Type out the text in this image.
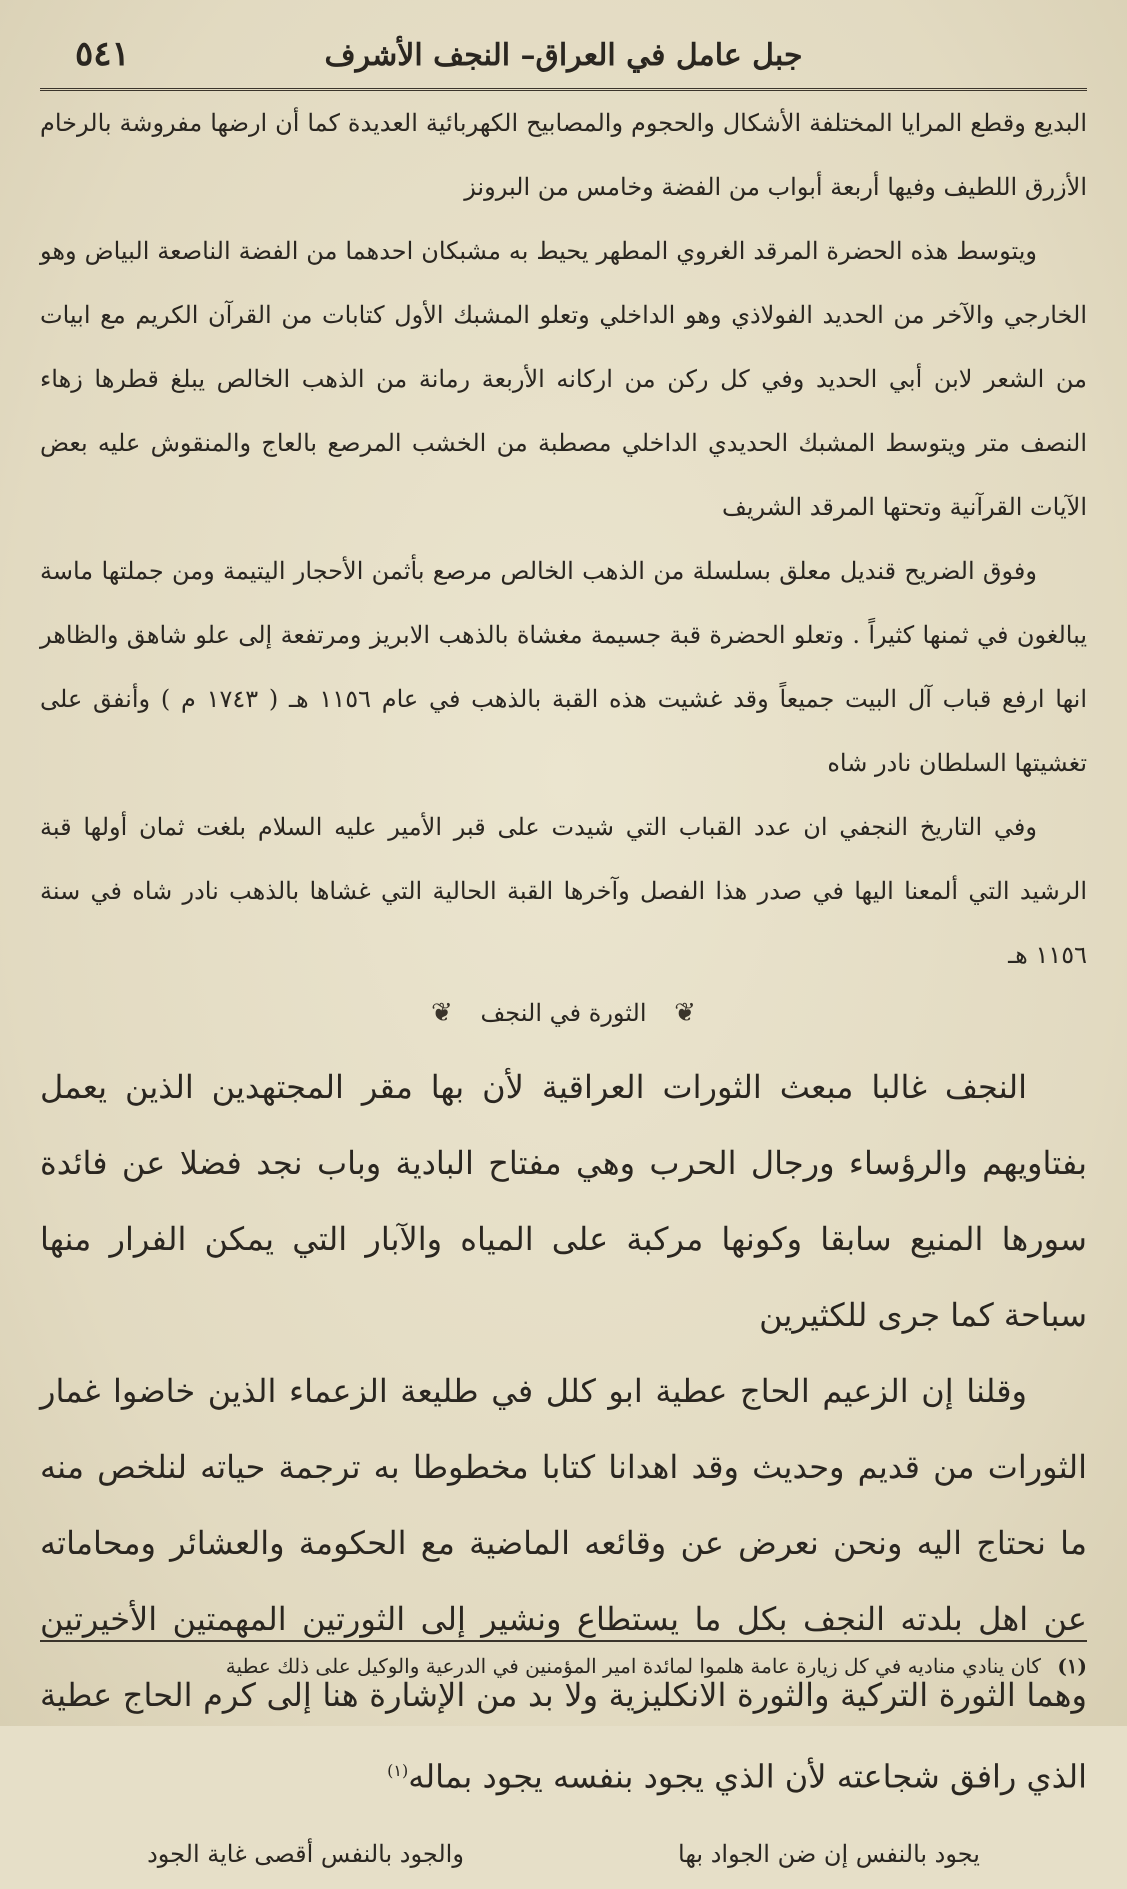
٥٤١	جبل عامل في العراق– النجف الأشرف

البديع وقطع المرايا المختلفة الأشكال والحجوم والمصابيح الكهربائية العديدة كما أن ارضها مفروشة بالرخام الأزرق اللطيف وفيها أربعة أبواب من الفضة وخامس من البرونز

ويتوسط هذه الحضرة المرقد الغروي المطهر يحيط به مشبكان احدهما من الفضة الناصعة البياض وهو الخارجي والآخر من الحديد الفولاذي وهو الداخلي وتعلو المشبك الأول كتابات من القرآن الكريم مع ابيات من الشعر لابن أبي الحديد وفي كل ركن من اركانه الأربعة رمانة من الذهب الخالص يبلغ قطرها زهاء النصف متر ويتوسط المشبك الحديدي الداخلي مصطبة من الخشب المرصع بالعاج والمنقوش عليه بعض الآيات القرآنية وتحتها المرقد الشريف

وفوق الضريح قنديل معلق بسلسلة من الذهب الخالص مرصع بأثمن الأحجار اليتيمة ومن جملتها ماسة يبالغون في ثمنها كثيراً . وتعلو الحضرة قبة جسيمة مغشاة بالذهب الابريز ومرتفعة إلى علو شاهق والظاهر انها ارفع قباب آل البيت جميعاً وقد غشيت هذه القبة بالذهب في عام ١١٥٦ هـ ( ١٧٤٣ م ) وأنفق على تغشيتها السلطان نادر شاه

وفي التاريخ النجفي ان عدد القباب التي شيدت على قبر الأمير عليه السلام بلغت ثمان أولها قبة الرشيد التي ألمعنا اليها في صدر هذا الفصل وآخرها القبة الحالية التي غشاها بالذهب نادر شاه في سنة ١١٥٦ هـ

❦ الثورة في النجف ❦

النجف غالبا مبعث الثورات العراقية لأن بها مقر المجتهدين الذين يعمل بفتاويهم والرؤساء ورجال الحرب وهي مفتاح البادية وباب نجد فضلا عن فائدة سورها المنيع سابقا وكونها مركبة على المياه والآبار التي يمكن الفرار منها سباحة كما جرى للكثيرين

وقلنا إن الزعيم الحاج عطية ابو كلل في طليعة الزعماء الذين خاضوا غمار الثورات من قديم وحديث وقد اهدانا كتابا مخطوطا به ترجمة حياته لنلخص منه ما نحتاج اليه ونحن نعرض عن وقائعه الماضية مع الحكومة والعشائر ومحاماته عن اهل بلدته النجف بكل ما يستطاع ونشير إلى الثورتين المهمتين الأخيرتين وهما الثورة التركية والثورة الانكليزية ولا بد من الإشارة هنا إلى كرم الحاج عطية الذي رافق شجاعته لأن الذي يجود بنفسه يجود بماله$^{(١)}$

يجود بالنفس إن ضن الجواد بها
والجود بالنفس أقصى غاية الجود
(١) كان ينادي مناديه في كل زيارة عامة هلموا لمائدة امير المؤمنين في الدرعية والوكيل على ذلك عطية
